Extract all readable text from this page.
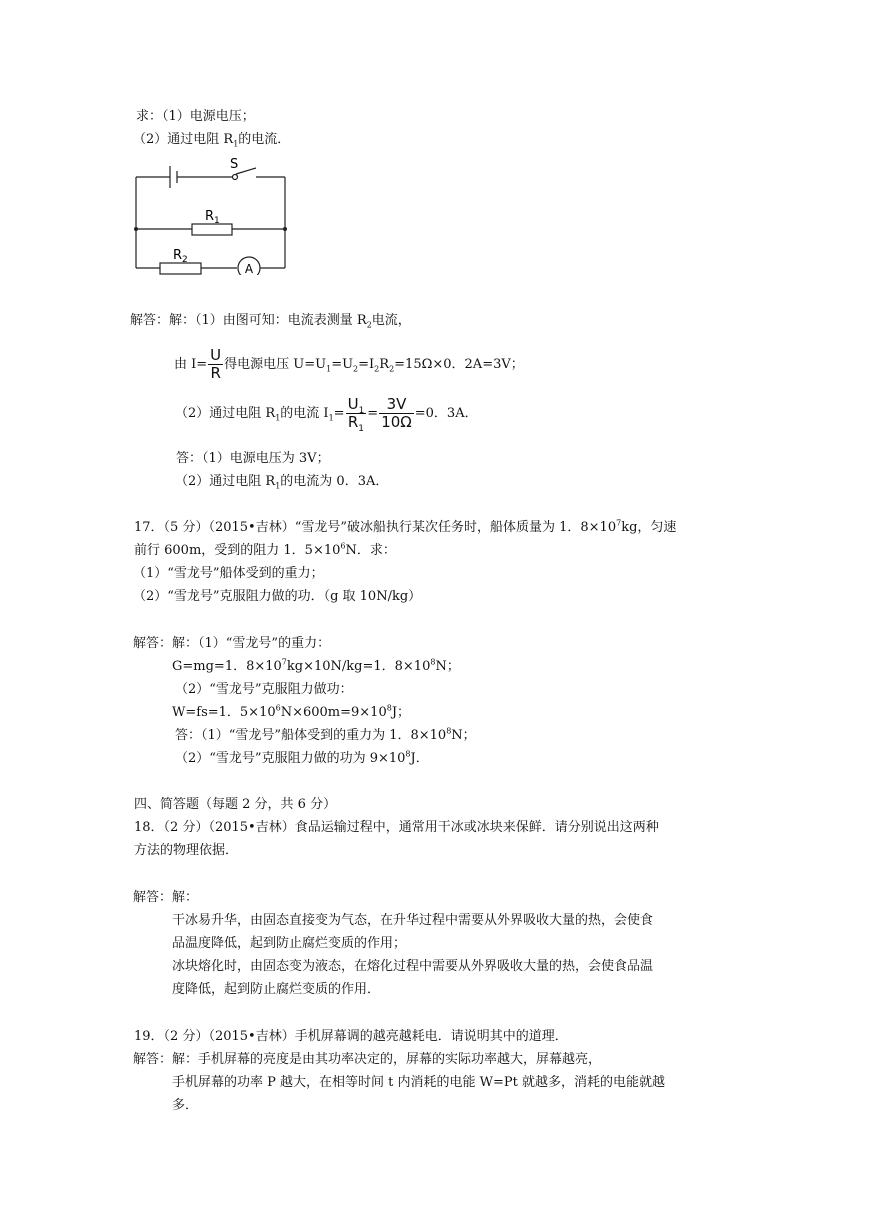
求：（1）电源电压；
（2）通过电阻 $R_1$的电流．
S
$R_1$
$R_2$
A
解答：解：（1）由图可知：电流表测量 $R_2$电流，
由 $I= \frac{U}{R}$ 得电源电压 $U=U_1=U_2=I_2R_2=15\Omega\times 0$．2A=3V；
（2）通过电阻 $R_1$的电流 $I_1= \frac{U_1}{R_1} = \frac{3V}{10\Omega} =0$．3A．
答：（1）电源电压为 3V；
（2）通过电阻 $R_1$的电流为 0．3A．
17．（5 分）（2015•吉林）“雪龙号”破冰船执行某次任务时，船体质量为 1．$8\times 10^7kg$，匀速
前行 600m，受到的阻力 1．$5\times 10^6N$．求：
（1）“雪龙号”船体受到的重力；
（2）“雪龙号”克服阻力做的功．（g 取 10N/kg）
解答：解：（1）“雪龙号”的重力：
G=mg=1．$8\times 10^7kg\times 10N/kg=1$．$8\times 10^8N$；
（2）“雪龙号”克服阻力做功：
W=fs=1．$5\times 10^6N\times 600m=9\times 10^8J$；
答：（1）“雪龙号”船体受到的重力为 1．$8\times 10^8N$；
（2）“雪龙号”克服阻力做的功为 $9\times 10^8J$．
四、简答题（每题 2 分，共 6 分）
18．（2 分）（2015•吉林）食品运输过程中，通常用干冰或冰块来保鲜．请分别说出这两种
方法的物理依据．
解答：解：
干冰易升华，由固态直接变为气态，在升华过程中需要从外界吸收大量的热，会使食
品温度降低，起到防止腐烂变质的作用；
冰块熔化时，由固态变为液态，在熔化过程中需要从外界吸收大量的热，会使食品温
度降低，起到防止腐烂变质的作用．
19．（2 分）（2015•吉林）手机屏幕调的越亮越耗电．请说明其中的道理．
解答：解：手机屏幕的亮度是由其功率决定的，屏幕的实际功率越大，屏幕越亮，
手机屏幕的功率 P 越大，在相等时间 t 内消耗的电能 W=Pt 就越多，消耗的电能就越
多．
